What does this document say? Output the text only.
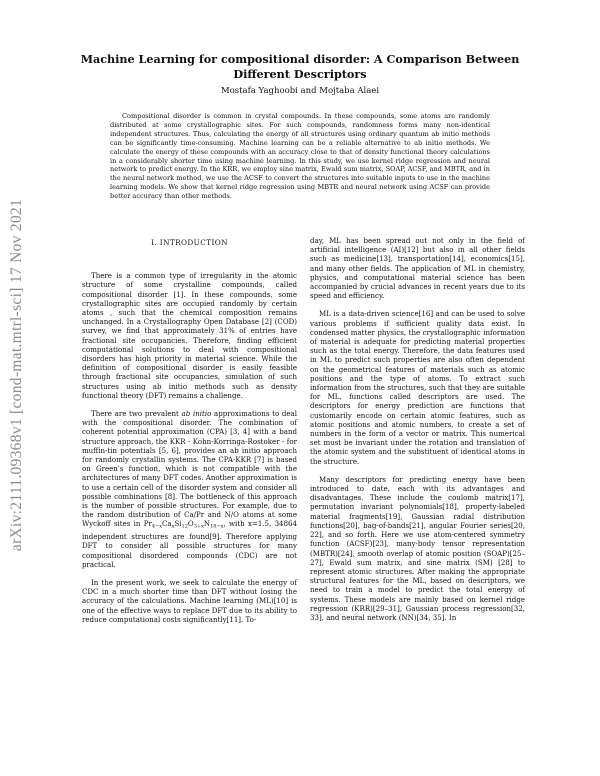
arXiv:2111.09368v1 [cond-mat.mtrl-sci] 17 Nov 2021
Machine Learning for compositional disorder: A Comparison Between Different Descriptors
Mostafa Yaghoobi and Mojtaba Alaei

Compositional disorder is common in crystal compounds. In these compounds, some atoms are randomly distributed at some crystallographic sites. For such compounds, randomness forms many non-identical independent structures. Thus, calculating the energy of all structures using ordinary quantum ab initio methods can be significantly time-consuming. Machine learning can be a reliable alternative to ab initio methods. We calculate the energy of these compounds with an accuracy close to that of density functional theory calculations in a considerably shorter time using machine learning. In this study, we use kernel ridge regression and neural network to predict energy. In the KRR, we employ sine matrix, Ewald sum matrix, SOAP, ACSF, and MBTR, and in the neural network method, we use the ACSF to convert the structures into suitable inputs to use in the machine learning models. We show that kernel ridge regression using MBTR and neural network using ACSF can provide better accuracy than other methods.

I. INTRODUCTION

There is a common type of irregularity in the atomic structure of some crystalline compounds, called compositional disorder [1]. In these compounds, some crystallographic sites are occupied randomly by certain atoms , such that the chemical composition remains unchanged. In a Crystallography Open Database [2] (COD) survey, we find that approximately 31% of entries have fractional site occupancies. Therefore, finding efficient computational solutions to deal with compositional disorders has high priority in material science. While the definition of compositional disorder is easily feasible through fractional site occupancies, simulation of such structures using ab initio methods such as density functional theory (DFT) remains a challenge.

There are two prevalent ab initio approximations to deal with the compositional disorder. The combination of coherent potential approximation (CPA) [3, 4] with a band structure approach, the KKR - Kohn-Korringa-Rostoker - for muffin-tin potentials [5, 6], provides an ab initio approach for randomly crystallin systems. The CPA-KKR [7] is based on Green's function, which is not compatible with the architectures of many DFT codes. Another approximation is to use a certain cell of the disorder system and consider all possible combinations [8]. The bottleneck of this approach is the number of possible structures. For example, due to the random distribution of Ca/Pr and N/O atoms at some Wyckoff sites in $Pr_{4-x}Ca_xSi_{12}O_{3+x}N_{18-x}$, with x=1.5, 34864 independent structures are found[9]. Therefore applying DFT to consider all possible structures for many compositional disordered compounds (CDC) are not practical.

In the present work, we seek to calculate the energy of CDC in a much shorter time than DFT without losing the accuracy of the calculations. Machine learning (ML)[10] is one of the effective ways to replace DFT due to its ability to reduce computational costs significantly[11]. To-

day, ML has been spread out not only in the field of artificial intelligence (AI)[12] but also in all other fields such as medicine[13], transportation[14], economics[15], and many other fields. The application of ML in chemistry, physics, and computational material science has been accompanied by crucial advances in recent years due to its speed and efficiency.

ML is a data-driven science[16] and can be used to solve various problems if sufficient quality data exist. In condensed matter physics, the crystallographic information of material is adequate for predicting material properties such as the total energy. Therefore, the data features used in ML to predict such properties are also often dependent on the geometrical features of materials such as atomic positions and the type of atoms. To extract such information from the structures, such that they are suitable for ML, functions called descriptors are used. The descriptors for energy prediction are functions that customarily encode on certain atomic features, such as atomic positions and atomic numbers, to create a set of numbers in the form of a vector or matrix. This numerical set must be invariant under the rotation and translation of the atomic system and the substituent of identical atoms in the structure.

Many descriptors for predicting energy have been introduced to date, each with its advantages and disadvantages. These include the coulomb matrix[17], permutation invariant polynomials[18], property-labeled material fragments[19], Gaussian radial distribution functions[20], bag-of-bands[21], angular Fourier series[20, 22], and so forth. Here we use atom-centered symmetry function (ACSF)[23], many-body tensor representation (MBTR)[24], smooth overlap of atomic position (SOAP)[25–27], Ewald sum matrix, and sine matrix (SM) [28] to represent atomic structures. After making the appropriate structural features for the ML, based on descriptors, we need to train a model to predict the total energy of systems. These models are mainly based on kernel ridge regression (KRR)[29–31], Gaussian process regression[32, 33], and neural network (NN)[34, 35]. In
